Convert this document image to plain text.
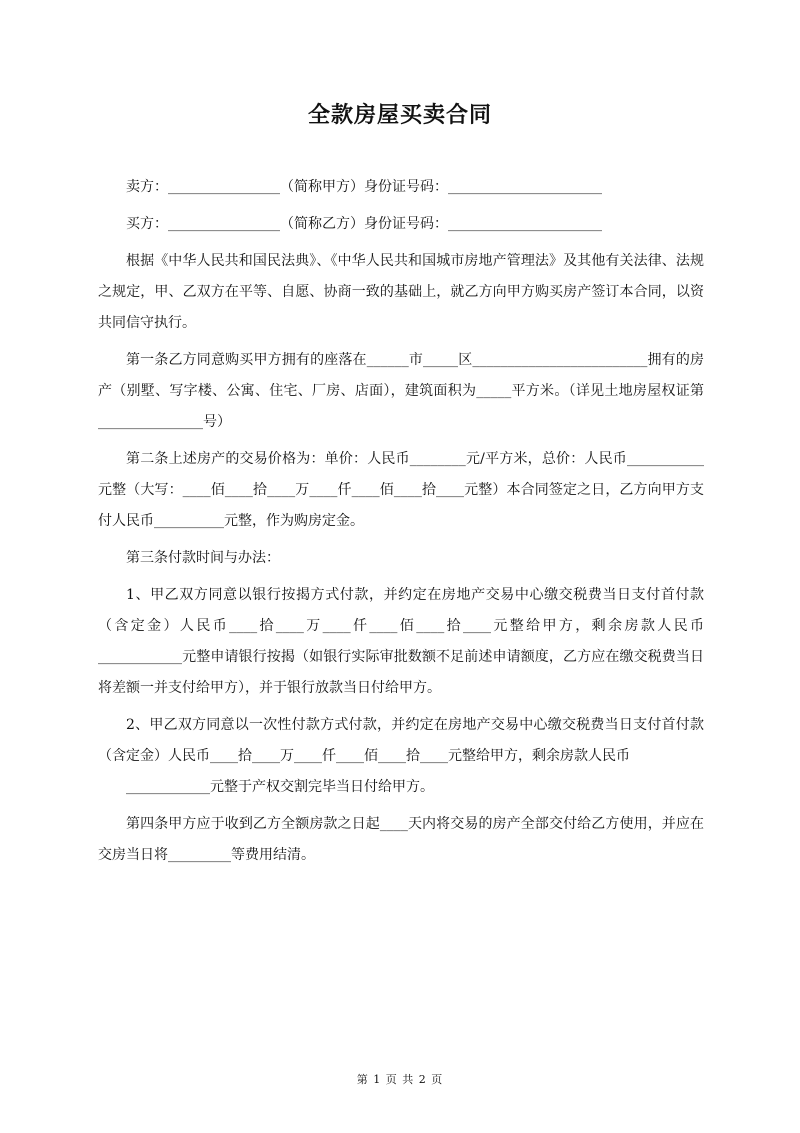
全款房屋买卖合同

卖方：________________（简称甲方）身份证号码：______________________

买方：________________（简称乙方）身份证号码：______________________

根据《中华人民共和国民法典》、《中华人民共和国城市房地产管理法》及其他有关法律、法规之规定，甲、乙双方在平等、自愿、协商一致的基础上，就乙方向甲方购买房产签订本合同，以资共同信守执行。

第一条乙方同意购买甲方拥有的座落在______市_____区_________________________拥有的房产（别墅、写字楼、公寓、住宅、厂房、店面），建筑面积为_____平方米。（详见土地房屋权证第_______________号）

第二条上述房产的交易价格为：单价：人民币________元/平方米，总价：人民币___________元整（大写：____佰____拾____万____仟____佰____拾____元整）本合同签定之日，乙方向甲方支付人民币__________元整，作为购房定金。

第三条付款时间与办法：

1、甲乙双方同意以银行按揭方式付款，并约定在房地产交易中心缴交税费当日支付首付款（含定金）人民币____拾____万____仟____佰____拾____元整给甲方，剩余房款人民币____________元整申请银行按揭（如银行实际审批数额不足前述申请额度，乙方应在缴交税费当日将差额一并支付给甲方），并于银行放款当日付给甲方。

2、甲乙双方同意以一次性付款方式付款，并约定在房地产交易中心缴交税费当日支付首付款（含定金）人民币____拾____万____仟____佰____拾____元整给甲方，剩余房款人民币
____________元整于产权交割完毕当日付给甲方。

第四条甲方应于收到乙方全额房款之日起____天内将交易的房产全部交付给乙方使用，并应在交房当日将_________等费用结清。

第 1 页 共 2 页
